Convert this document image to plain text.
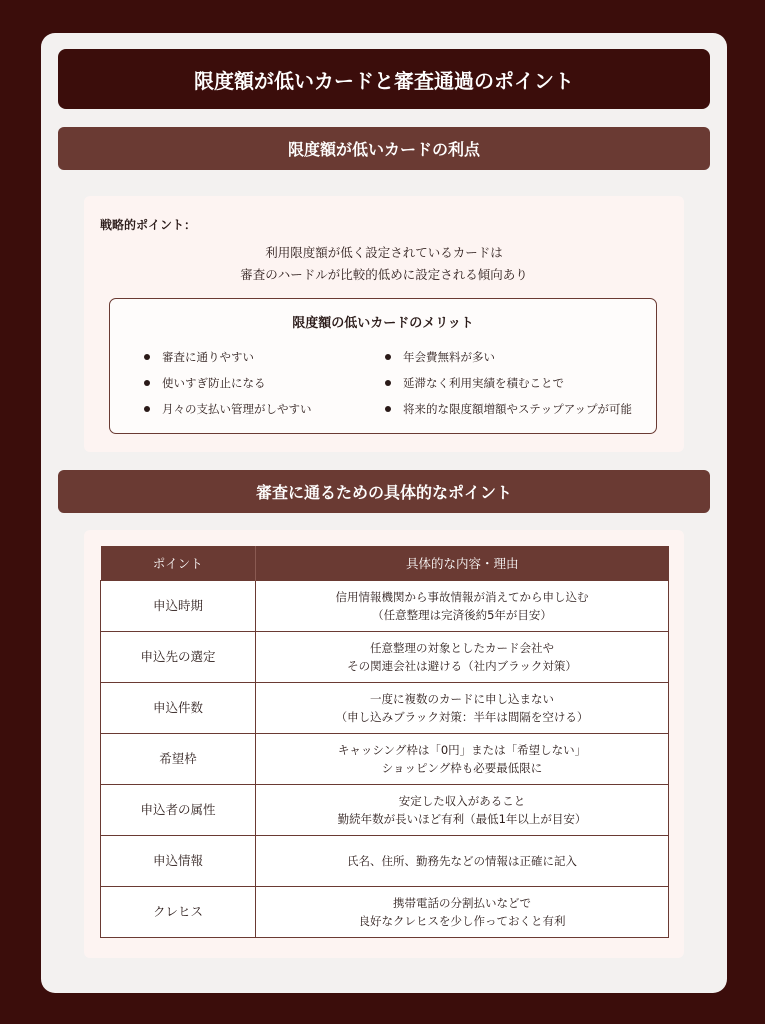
限度額が低いカードと審査通過のポイント
限度額が低いカードの利点
戦略的ポイント：
利用限度額が低く設定されているカードは
審査のハードルが比較的低めに設定される傾向あり
限度額の低いカードのメリット
審査に通りやすい
使いすぎ防止になる
月々の支払い管理がしやすい
年会費無料が多い
延滞なく利用実績を積むことで
将来的な限度額増額やステップアップが可能
審査に通るための具体的なポイント
ポイント	具体的な内容・理由
申込時期	信用情報機関から事故情報が消えてから申し込む
（任意整理は完済後約5年が目安）

申込先の選定	任意整理の対象としたカード会社や
その関連会社は避ける（社内ブラック対策）

申込件数	一度に複数のカードに申し込まない
（申し込みブラック対策：半年は間隔を空ける）

希望枠	キャッシング枠は「0円」または「希望しない」
ショッピング枠も必要最低限に

申込者の属性	安定した収入があること
勤続年数が長いほど有利（最低1年以上が目安）

申込情報	氏名、住所、勤務先などの情報は正確に記入

クレヒス	携帯電話の分割払いなどで
良好なクレヒスを少し作っておくと有利
